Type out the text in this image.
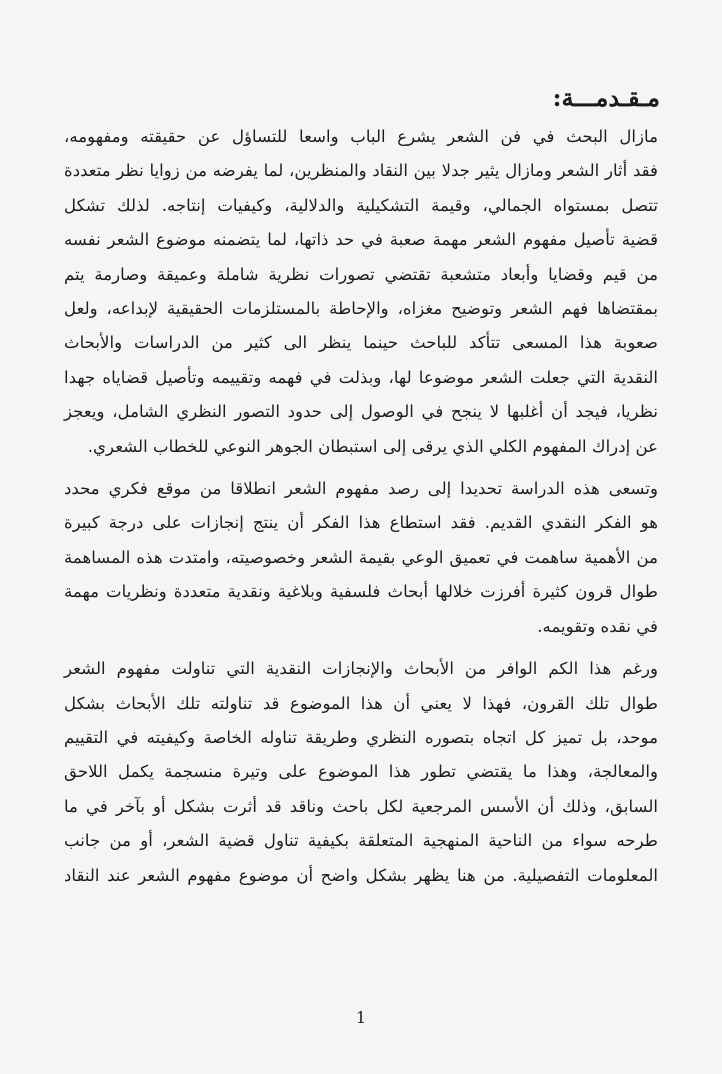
مـقـدمـــة:

مازال البحث في فن الشعر يشرع الباب واسعا للتساؤل عن حقيقته ومفهومه،
فقد أثار الشعر ومازال يثير جدلا بين النقاد والمنظرين، لما يفرضه من زوايا نظر متعددة
تتصل بمستواه الجمالي، وقيمة التشكيلية والدلالية، وكيفيات إنتاجه. لذلك تشكل
قضية تأصيل مفهوم الشعر مهمة صعبة في حد ذاتها، لما يتضمنه موضوع الشعر نفسه
من قيم وقضايا وأبعاد متشعبة تقتضي تصورات نظرية شاملة وعميقة وصارمة يتم
بمقتضاها فهم الشعر وتوضيح مغزاه، والإحاطة بالمستلزمات الحقيقية لإبداعه، ولعل
صعوبة هذا المسعى تتأكد للباحث حينما ينظر الى كثير من الدراسات والأبحاث
النقدية التي جعلت الشعر موضوعا لها، وبذلت في فهمه وتقييمه وتأصيل قضاياه جهدا
نظريا، فيجد أن أغلبها لا ينجح في الوصول إلى حدود التصور النظري الشامل، ويعجز
عن إدراك المفهوم الكلي الذي يرقى إلى استبطان الجوهر النوعي للخطاب الشعري.

وتسعى هذه الدراسة تحديدا إلى رصد مفهوم الشعر انطلاقا من موقع فكري محدد
هو الفكر النقدي القديم. فقد استطاع هذا الفكر أن ينتج إنجازات على درجة كبيرة
من الأهمية ساهمت في تعميق الوعي بقيمة الشعر وخصوصيته، وامتدت هذه المساهمة
طوال قرون كثيرة أفرزت خلالها أبحاث فلسفية وبلاغية ونقدية متعددة ونظريات مهمة
في نقده وتقويمه.

ورغم هذا الكم الوافر من الأبحاث والإنجازات النقدية التي تناولت مفهوم الشعر
طوال تلك القرون، فهذا لا يعني أن هذا الموضوع قد تناولته تلك الأبحاث بشكل
موحد، بل تميز كل اتجاه بتصوره النظري وطريقة تناوله الخاصة وكيفيته في التقييم
والمعالجة، وهذا ما يقتضي تطور هذا الموضوع على وتيرة منسجمة يكمل اللاحق
السابق، وذلك أن الأسس المرجعية لكل باحث وناقد قد أثرت بشكل أو بآخر في ما
طرحه سواء من الناحية المنهجية المتعلقة بكيفية تناول قضية الشعر، أو من جانب
المعلومات التفصيلية. من هنا يظهر بشكل واضح أن موضوع مفهوم الشعر عند النقاد

1
